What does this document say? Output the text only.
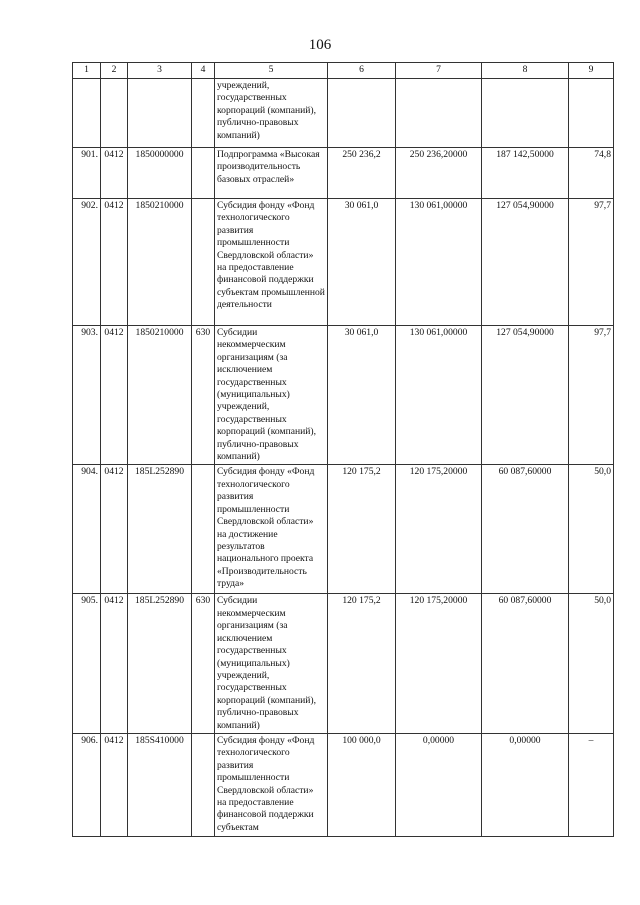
106
1	2	3	4	5	6	7	8	9
				учреждений, государственных корпораций (компаний), публично-правовых компаний)				
901.	0412	1850000000		Подпрограмма «Высокая производительность базовых отраслей»	250 236,2	250 236,20000	187 142,50000	74,8
902.	0412	1850210000		Субсидия фонду «Фонд технологического развития промышленности Свердловской области» на предоставление финансовой поддержки субъектам промышленной деятельности	30 061,0	130 061,00000	127 054,90000	97,7
903.	0412	1850210000	630	Субсидии некоммерческим организациям (за исключением государственных (муниципальных) учреждений, государственных корпораций (компаний), публично-правовых компаний)	30 061,0	130 061,00000	127 054,90000	97,7
904.	0412	185L252890		Субсидия фонду «Фонд технологического развития промышленности Свердловской области» на достижение результатов национального проекта «Производительность труда»	120 175,2	120 175,20000	60 087,60000	50,0
905.	0412	185L252890	630	Субсидии некоммерческим организациям (за исключением государственных (муниципальных) учреждений, государственных корпораций (компаний), публично-правовых компаний)	120 175,2	120 175,20000	60 087,60000	50,0
906.	0412	185S410000		Субсидия фонду «Фонд технологического развития промышленности Свердловской области» на предоставление финансовой поддержки субъектам	100 000,0	0,00000	0,00000	–
